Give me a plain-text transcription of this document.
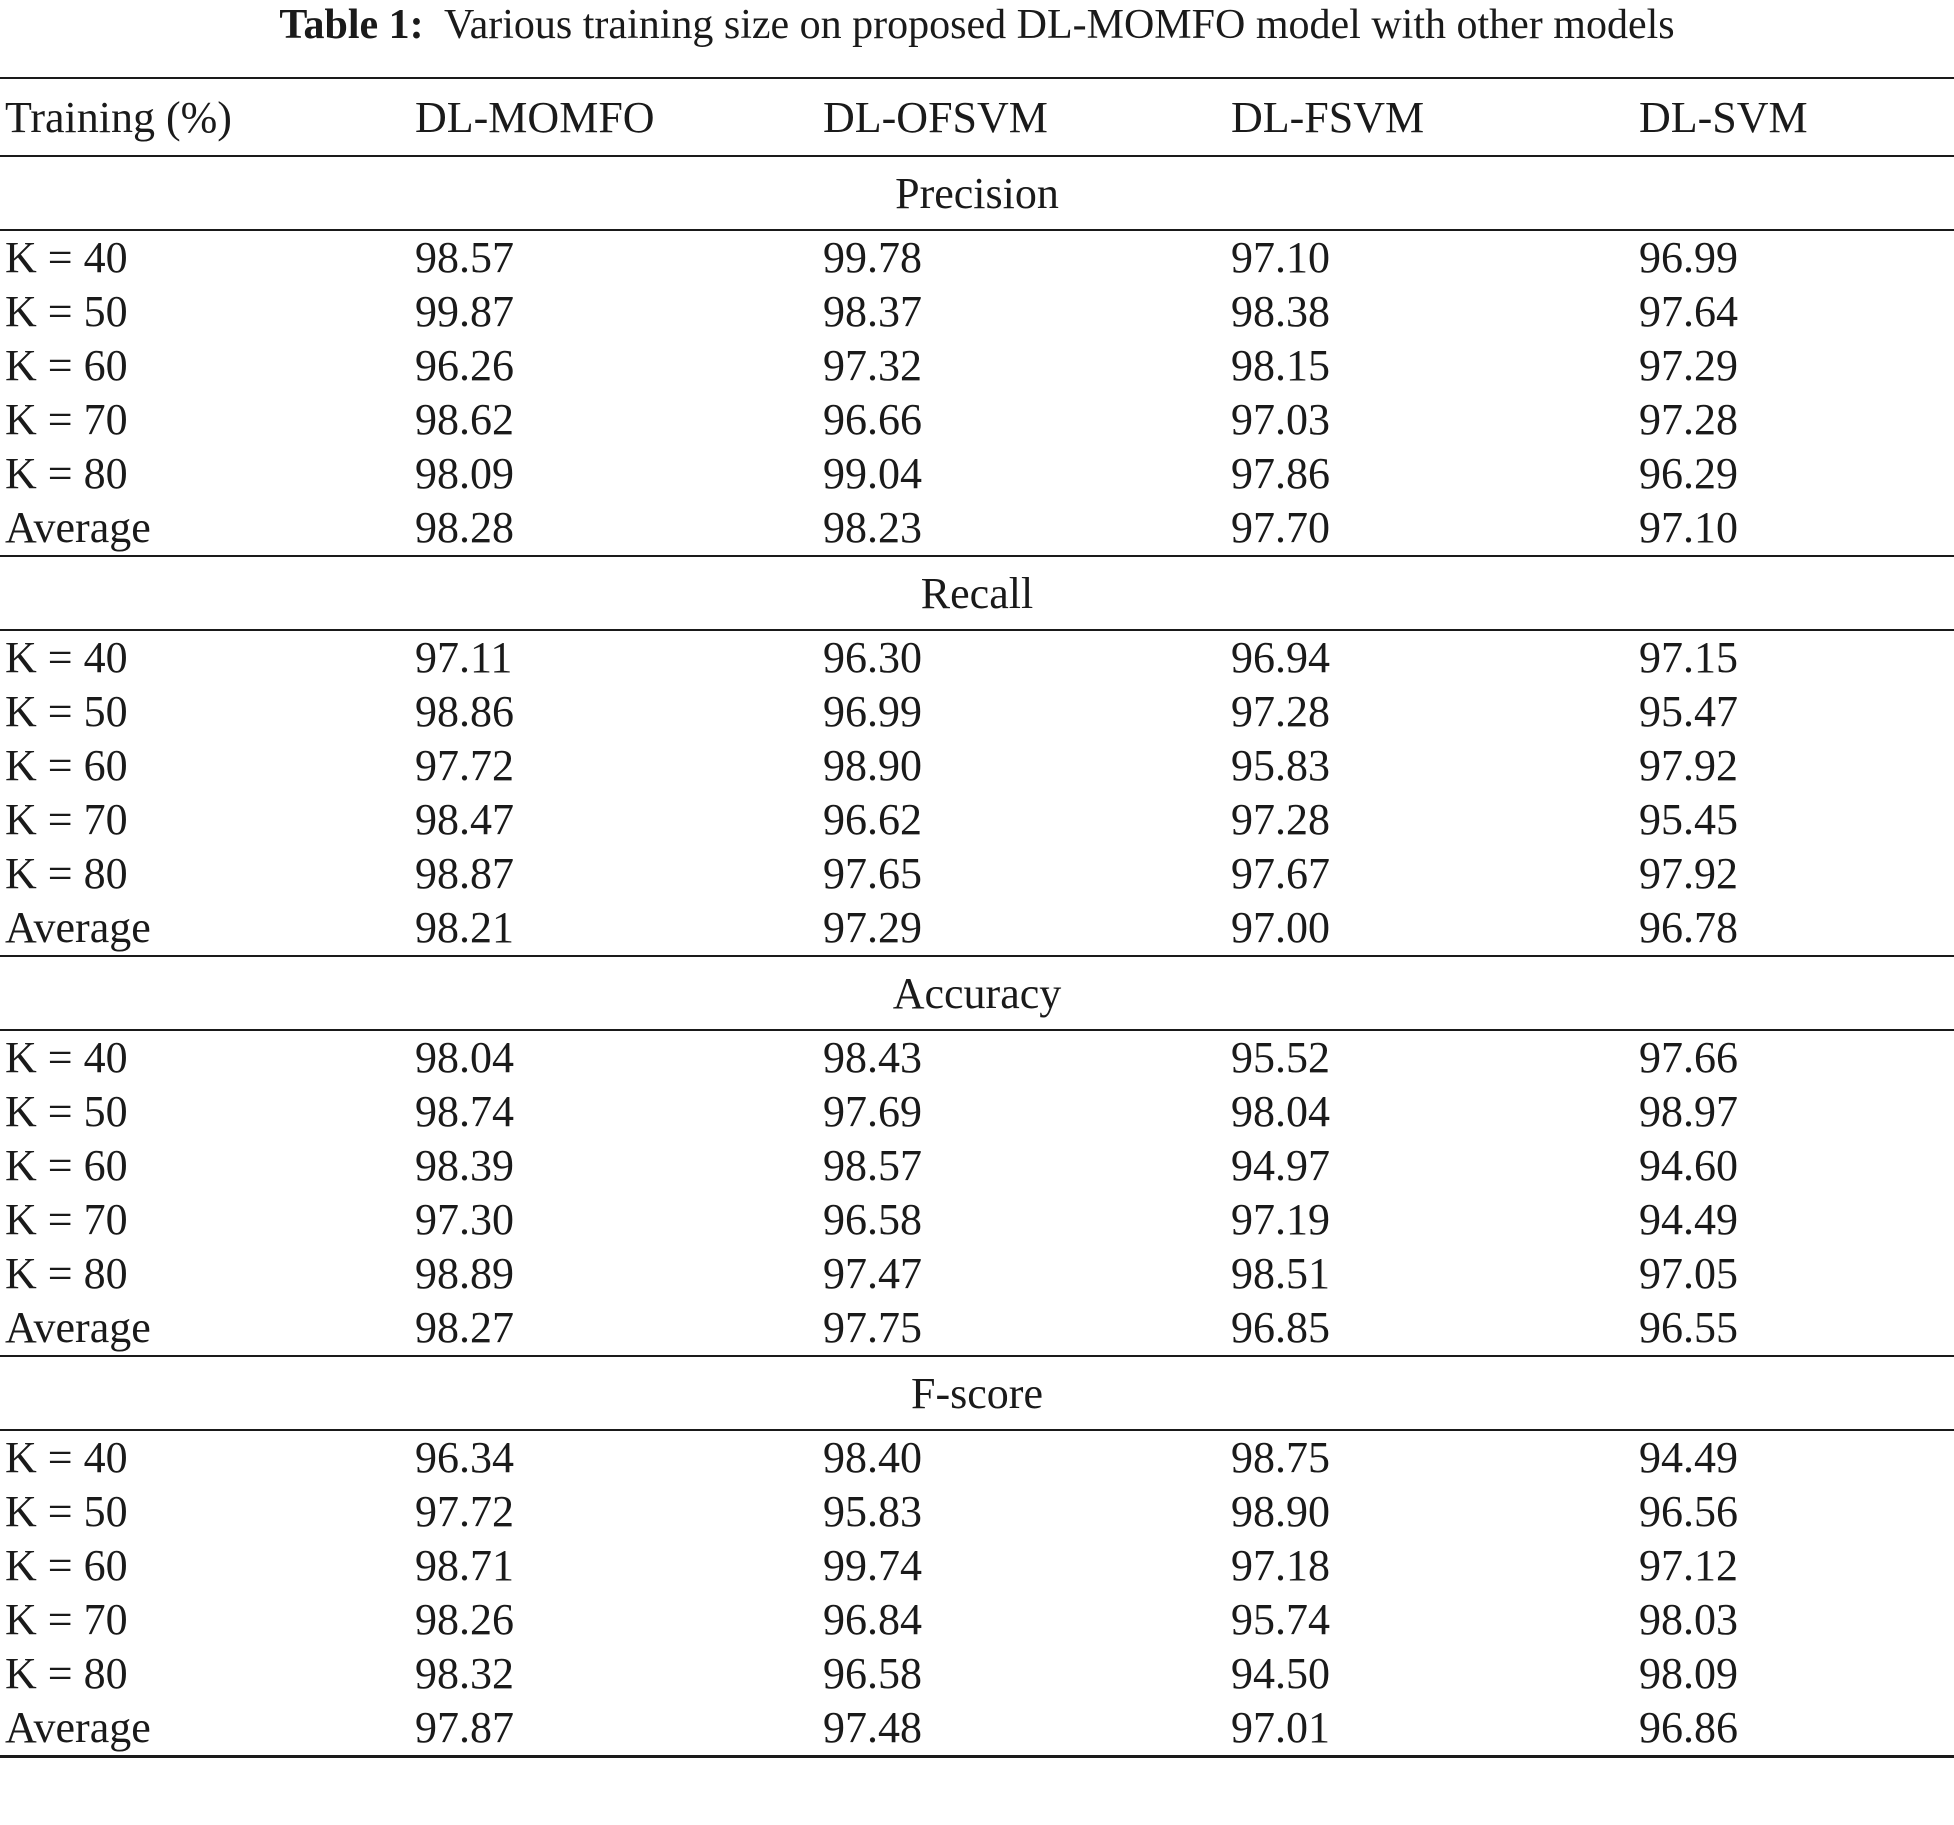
Table 1: Various training size on proposed DL-MOMFO model with other models
Training (%)	DL-MOMFO	DL-OFSVM	DL-FSVM	DL-SVM
Precision				
K = 40	98.57	99.78	97.10	96.99
K = 50	99.87	98.37	98.38	97.64
K = 60	96.26	97.32	98.15	97.29
K = 70	98.62	96.66	97.03	97.28
K = 80	98.09	99.04	97.86	96.29
Average	98.28	98.23	97.70	97.10
Recall				
K = 40	97.11	96.30	96.94	97.15
K = 50	98.86	96.99	97.28	95.47
K = 60	97.72	98.90	95.83	97.92
K = 70	98.47	96.62	97.28	95.45
K = 80	98.87	97.65	97.67	97.92
Average	98.21	97.29	97.00	96.78
Accuracy				
K = 40	98.04	98.43	95.52	97.66
K = 50	98.74	97.69	98.04	98.97
K = 60	98.39	98.57	94.97	94.60
K = 70	97.30	96.58	97.19	94.49
K = 80	98.89	97.47	98.51	97.05
Average	98.27	97.75	96.85	96.55
F-score				
K = 40	96.34	98.40	98.75	94.49
K = 50	97.72	95.83	98.90	96.56
K = 60	98.71	99.74	97.18	97.12
K = 70	98.26	96.84	95.74	98.03
K = 80	98.32	96.58	94.50	98.09
Average	97.87	97.48	97.01	96.86
